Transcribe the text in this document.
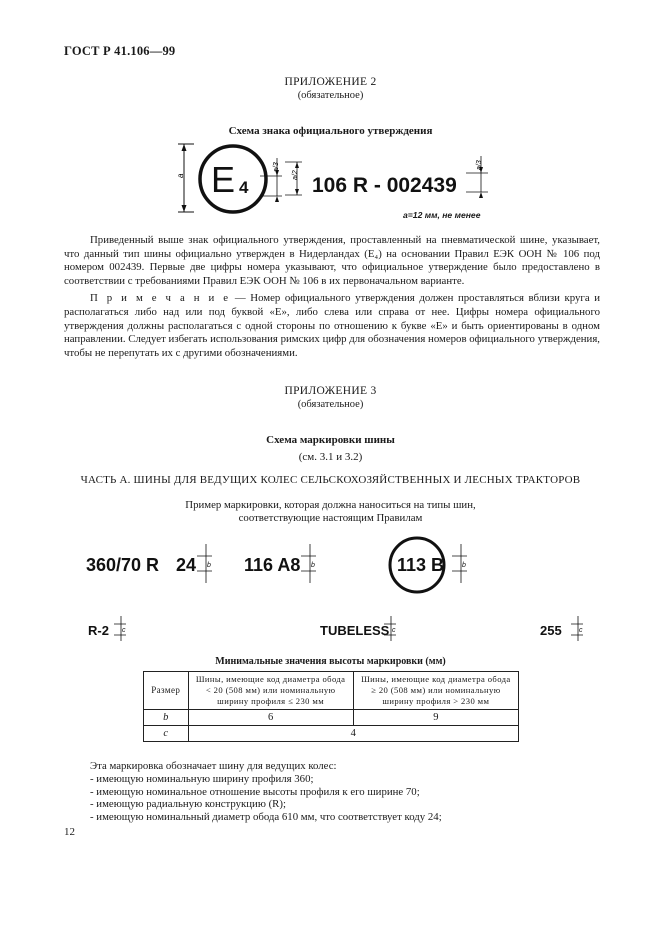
ГОСТ Р 41.106—99
ПРИЛОЖЕНИЕ 2
(обязательное)
Схема знака официального утверждения
a E 4
a/3
a/2 106 R - 002439
a/3
a=12 мм, не менее

Приведенный выше знак официального утверждения, проставленный на пневматической шине, указывает, что данный тип шины официально утвержден в Нидерландах (E₄) на основании Правил ЕЭК ООН № 106 под номером 002439. Первые две цифры номера указывают, что официальное утверждение было предоставлено в соответствии с требованиями Правил ЕЭК ООН № 106 в их первоначальном варианте.

П р и м е ч а н и е — Номер официального утверждения должен проставляться вблизи круга и располагаться либо над или под буквой «Е», либо слева или справа от нее. Цифры номера официального утверждения должны располагаться с одной стороны по отношению к букве «Е» и быть ориентированы в одном направлении. Следует избегать использования римских цифр для обозначения номеров официального утверждения, чтобы не перепутать их с другими обозначениями.

ПРИЛОЖЕНИЕ 3
(обязательное)
Схема маркировки шины
(см. 3.1 и 3.2)
ЧАСТЬ А. ШИНЫ ДЛЯ ВЕДУЩИХ КОЛЕС СЕЛЬСКОХОЗЯЙСТВЕННЫХ И ЛЕСНЫХ ТРАКТОРОВ
Пример маркировки, которая должна наноситься на типы шин,
соответствующие настоящим Правилам
360/70 R 24	116 A8	113 B
R-2	TUBELESS	255
b	b	b
c	c	c
Минимальные значения высоты маркировки (мм)
Размер	Шины, имеющие код диаметра обода < 20 (508 мм) или номинальную ширину профиля ≤ 230 мм	Шины, имеющие код диаметра обода ≥ 20 (508 мм) или номинальную ширину профиля > 230 мм
b	6	9
c	4	
Эта маркировка обозначает шину для ведущих колес:
- имеющую номинальную ширину профиля 360;
- имеющую номинальное отношение высоты профиля к его ширине 70;
- имеющую радиальную конструкцию (R);
- имеющую номинальный диаметр обода 610 мм, что соответствует коду 24;
12
